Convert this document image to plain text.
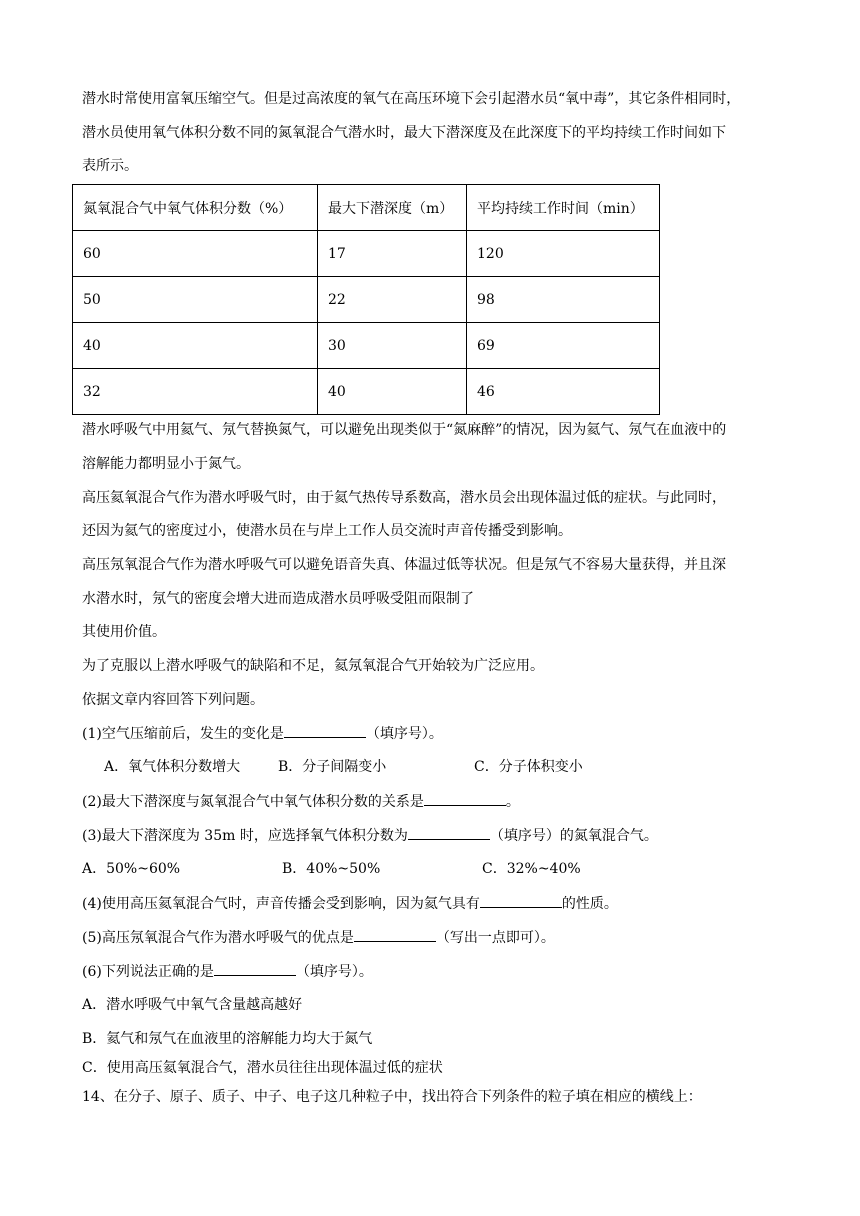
潜水时常使用富氧压缩空气。但是过高浓度的氧气在高压环境下会引起潜水员“氧中毒”，其它条件相同时，
潜水员使用氧气体积分数不同的氮氧混合气潜水时，最大下潜深度及在此深度下的平均持续工作时间如下
表所示。
氮氧混合气中氧气体积分数（%）	最大下潜深度（m）	平均持续工作时间（min）
60	17	120
50	22	98
40	30	69
32	40	46
潜水呼吸气中用氦气、氖气替换氮气，可以避免出现类似于“氮麻醉”的情况，因为氦气、氖气在血液中的
溶解能力都明显小于氮气。
高压氦氧混合气作为潜水呼吸气时，由于氦气热传导系数高，潜水员会出现体温过低的症状。与此同时，
还因为氦气的密度过小，使潜水员在与岸上工作人员交流时声音传播受到影响。
高压氖氧混合气作为潜水呼吸气可以避免语音失真、体温过低等状况。但是氖气不容易大量获得，并且深
水潜水时，氖气的密度会增大进而造成潜水员呼吸受阻而限制了
其使用价值。
为了克服以上潜水呼吸气的缺陷和不足，氦氖氧混合气开始较为广泛应用。
依据文章内容回答下列问题。
(1)空气压缩前后，发生的变化是	（填序号）。
A．氧气体积分数增大	B．分子间隔变小	C．分子体积变小
(2)最大下潜深度与氮氧混合气中氧气体积分数的关系是	。
(3)最大下潜深度为 35m 时，应选择氧气体积分数为	（填序号）的氮氧混合气。
A．50%~60%	B．40%~50%	C．32%~40%
(4)使用高压氦氧混合气时，声音传播会受到影响，因为氦气具有	的性质。
(5)高压氖氧混合气作为潜水呼吸气的优点是	（写出一点即可）。
(6)下列说法正确的是	（填序号）。
A．潜水呼吸气中氧气含量越高越好
B．氦气和氖气在血液里的溶解能力均大于氮气
C．使用高压氦氧混合气，潜水员往往出现体温过低的症状
14、在分子、原子、质子、中子、电子这几种粒子中，找出符合下列条件的粒子填在相应的横线上：
